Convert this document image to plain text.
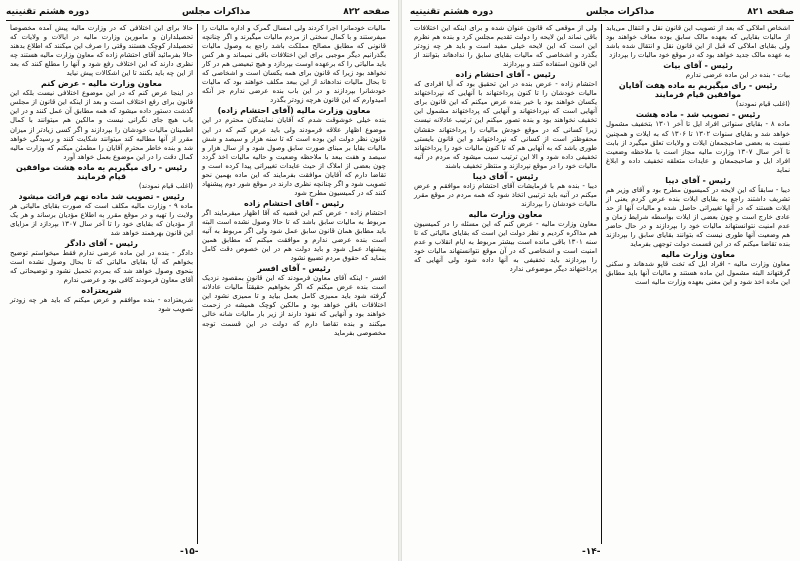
صفحه ۸۲۲
مذاکرات مجلس
دوره هشتم تقنینیه

ماليات خودمانرا اجرا کردند ولی امسال گمرک و اداره ماليات را میفرستند و با کمال سختی از مردم مالیات میگیرند و اگر چنانچه قانونی که مطابق مصالح مملکت باشد راجع به وصول ماليات بگذرانيم دیگر موجبی برای اين اختلافات باقی نمیماند و هر کس باید مالیاتی را که برعهده اوست بپردازد و هیچ تبعیضی هم در کار نخواهد بود زیرا که قانون برای همه یکسان است و اشخاصی که تا بحال مالیات ندادهاند از این ببعد مکلف خواهند بود که مالیات خودشانرا بپردازند و در این باب بنده عرضی ندارم جز آنکه امیدوارم که این قانون هرچه زودتر بگذرد

معاون وزارت مالیه (آقای احتشام زاده)

بنده خیلی خوشوقت شدم که آقایان نمایندگان محترم در این موضوع اظهار علاقه فرمودند ولی باید عرض کنم که در این قانون نظر دولت این بوده است که تا سنه هزار و سیصد و شش ماليات بقایا بر مبنای صورت سابق وصول شود و از سال هزار و سیصد و هفت ببعد با ملاحظه وضعیت و حالیه مالیات اخذ گردد چون بعضی از املاک از حیث عایدات تغییراتی پیدا کرده است و تقاضا دارم که آقایان موافقت بفرمایند که این ماده بهمین نحو تصویب شود و اگر چنانچه نظری دارند در موقع شور دوم پیشنهاد کنند که در کمیسیون مطرح شود

رئیس - آقای احتشام زاده

احتشام زاده - عرض کنم این قضیه که آقا اظهار میفرمایند اگر مربوط به مالیات سابق باشد که تا حالا وصول نشده است البته باید مطابق همان قانون سابق عمل شود ولی اگر مربوط به آتیه است بنده عرضی ندارم و موافقت میکنم که مطابق همین پیشنهاد عمل شود و باید دولت هم در این خصوص دقت کامل بنماید که حقوق مردم تضییع نشود

رئیس - آقای افسر

افسر - اینکه آقای معاون فرمودند که این قانون بمقصود نزدیک است بنده عرض میکنم که اگر بخواهیم حقیقتاً مالیات عادلانه گرفته شود باید ممیزی کامل بعمل بیاید و تا ممیزی نشود این اختلافات باقی خواهد بود و مالکین کوچک همیشه در زحمت خواهند بود و آنهایی که نفوذ دارند از زیر بار مالیات شانه خالی میکنند و بنده تقاضا دارم که دولت در این قسمت توجه مخصوصی بفرماید

حالا برای این اختلافی که در وزارت مالیه پیش آمده مخصوصاً تحصیلداران و مامورین وزارت مالیه در ایالات و ولایات که تحصیلدار کوچک هستند وقتی را صرف این میکنند که اطلاع بدهند حالا بفرمائید آقای احتشام زاده که معاون وزارت مالیه هستند چه نظری دارند که این اختلاف رفع شود و آنها را مطلع کنند که بعد از این چه باید بکنند تا این اشکالات پیش نیاید

معاون وزارت مالیه - عرض کنم

در اینجا عرض کنم که در این موضوع اختلافی نیست بلکه این قانون برای رفع اختلاف است و بعد از اینکه این قانون از مجلس گذشت دستور داده میشود که همه مطابق آن عمل کنند و در این باب هیچ جای نگرانی نیست و مالکین هم میتوانند با کمال اطمینان مالیات خودشان را بپردازند و اگر کسی زیادتر از میزان مقرر از آنها مطالبه کند میتوانند شکایت کنند و رسیدگی خواهد شد و بنده خاطر محترم آقایان را مطمئن میکنم که وزارت مالیه کمال دقت را در این موضوع بعمل خواهد آورد

رئیس - رای میگیریم به ماده هشت موافقین قیام فرمایند

(اغلب قیام نمودند)

رئیس - تصویب شد ماده نهم قرائت میشود

ماده ۹ - وزارت مالیه مکلف است که صورت بقایای مالیاتی هر ولایت را تهیه و در موقع مقرر به اطلاع مؤدیان برساند و هر یک از مؤدیان که بقایای خود را تا آخر سال ۱۳۰۷ بپردازد از مزایای این قانون بهرهمند خواهد شد

رئیس - آقای دادگر

دادگر - بنده در این ماده عرضی ندارم فقط میخواستم توضیح بخواهم که آیا بقایای مالیاتی که تا بحال وصول نشده است بنحوی وصول خواهد شد که بمردم تحمیل نشود و توضیحاتی که آقای معاون فرمودند کافی بود و عرضی ندارم

شریعتزاده

شریعتزاده - بنده موافقم و عرض میکنم که باید هر چه زودتر تصویب شود

-۱۵-
صفحه ۸۲۱
مذاکرات مجلس
دوره هشتم تقنینیه

اشخاص املاکی که بعد از تصویب این قانون نقل و انتقال می‌یابد از مالیات بقایایی که بعهده مالک سابق بوده معاف خواهند بود ولی بقایای املاکی که قبل از این قانون نقل و انتقال شده باشد به عهده مالک جدید خواهد بود که در موقع خود مالیات را بپردازد

رئیس - آقای بیات

بیات - بنده در این ماده عرضی ندارم

رئیس - رای میگیریم به ماده هفت آقایان موافقین قیام فرمایند

(اغلب قیام نمودند)

رئیس - تصویب شد - ماده هشت

ماده ۸ - بقایای سنواتی افراد ایل تا آخر ۱۳۰۱ بتخفیف مشمول خواهد شد و بقایای سنوات ۱۳۰۲ تا ۱۳۰۶ که به ایلات و همچنین نسبت به بعضی صاحبجمعان ایلات و ولایات تعلق میگیرد از بابت تا آخر سال ۱۳۰۷ وزارت مالیه مجاز است با ملاحظه وضعیت افراد ایل و صاحبجمعان و عایدات متعلقه تخفیف داده و ابلاغ نماید

رئیس - آقای دیبا

دیبا - سابقاً که این لایحه در کمیسیون مطرح بود و آقای وزیر هم تشریف داشتند راجع به بقایای ایلات بنده عرض کردم یعنی از ایلات هستند که در آنها تغییراتی حاصل شده و مالیات آنها از حد عادی خارج است و چون بعضی از ایلات بواسطه شرایط زمان و عدم امنیت نتوانستهاند مالیات خود را بپردازند و در حال حاضر هم وضعیت آنها طوری نیست که بتوانند بقایای سابق را بپردازند بنده تقاضا میکنم که در این قسمت دولت توجهی بفرماید

معاون وزارت مالیه

معاون وزارت مالیه - افراد ایل که تخت قاپو شدهاند و سکنی گرفتهاند البته مشمول این ماده هستند و مالیات آنها باید مطابق این ماده اخذ شود و این معنی بعهده وزارت مالیه است

ولی از موقعی که قانون عنوان شده و برای اینکه این اختلافات باقی نماند این لایحه را دولت تقدیم مجلس کرد و بنده هم نظرم این است که این لایحه خیلی مفید است و باید هر چه زودتر بگذرد و اشخاصی که مالیات بقایای سابق را ندادهاند بتوانند از این قانون استفاده کنند و بپردازند

رئیس - آقای احتشام زاده

احتشام زاده - عرض بنده در این تحقیق بود که آیا افرادی که مالیات خودشان را تا کنون پرداختهاند با آنهایی که نپرداختهاند یکسان خواهند بود یا خیر بنده عرض میکنم که این قانون برای آنهایی است که نپرداختهاند و آنهایی که پرداختهاند مشمول این تخفیف نخواهند بود و بنده تصور میکنم این ترتیب عادلانه نیست زیرا کسانی که در موقع خودش مالیات را پرداختهاند حقشان محفوظتر است از کسانی که نپرداختهاند و این قانون بایستی طوری باشد که به آنهایی هم که تا کنون مالیات خود را پرداختهاند تخفیفی داده شود و الا این ترتیب سبب میشود که مردم در آتیه مالیات خود را در موقع نپردازند و منتظر تخفیف باشند

رئیس - آقای دیبا

دیبا - بنده هم با فرمایشات آقای احتشام زاده موافقم و عرض میکنم در آتیه باید ترتیبی اتخاذ شود که همه مردم در موقع مقرر مالیات خودشان را بپردازند

معاون وزارت مالیه

معاون وزارت مالیه - عرض کنم که این مسئله را در کمیسیون هم مذاکره کردیم و نظر دولت این است که بقایای مالیاتی که تا سنه ۱۳۰۱ باقی مانده است بیشتر مربوط به ایام انقلاب و عدم امنیت است و اشخاصی که در آن موقع نتوانستهاند مالیات خود را بپردازند باید تخفیفی به آنها داده شود ولی آنهایی که پرداختهاند دیگر موضوعی ندارد

-۱۴-
